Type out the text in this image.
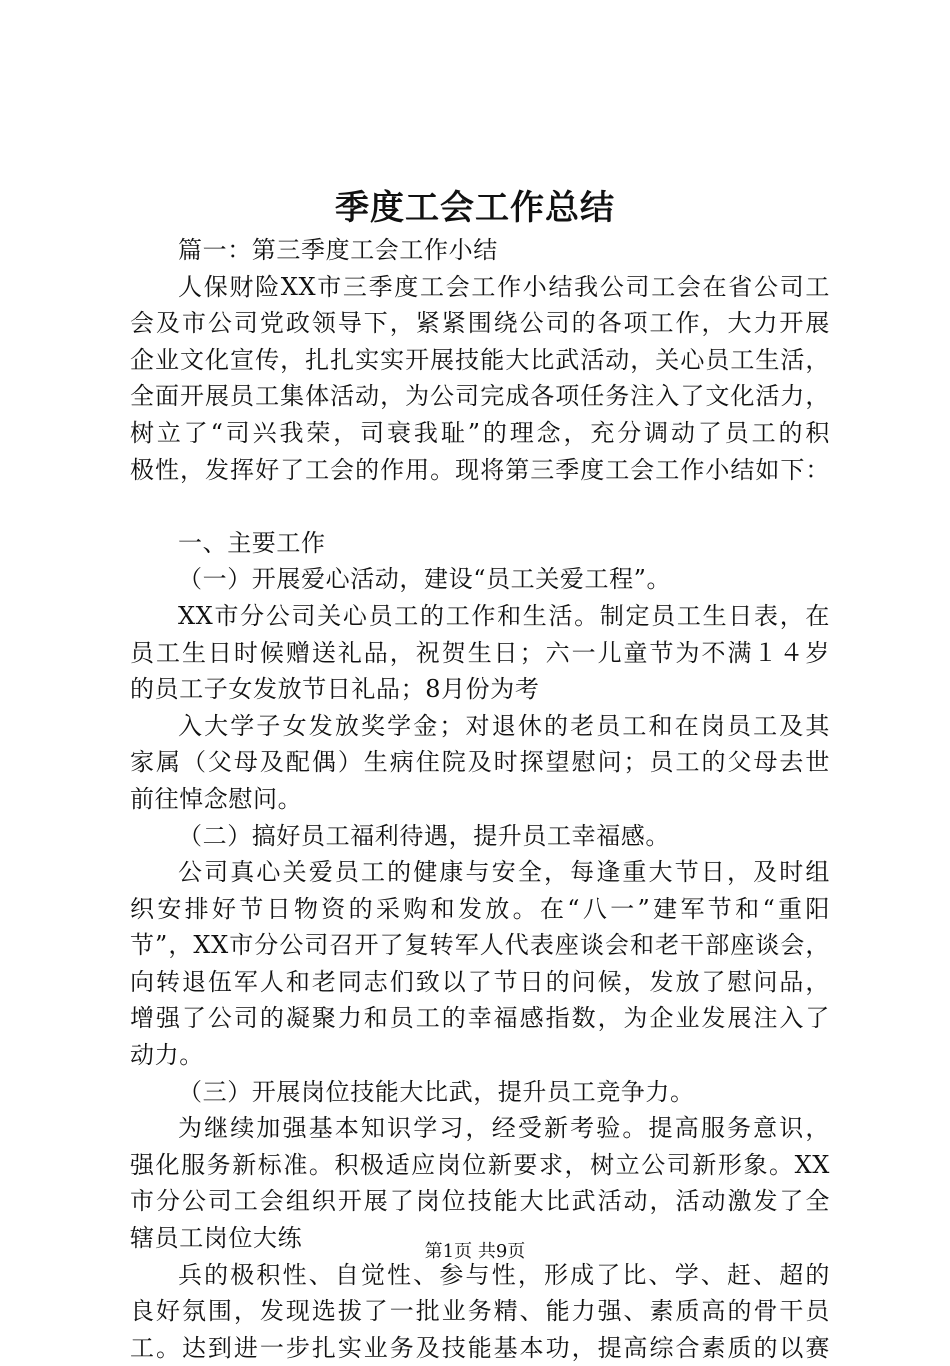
季度工会工作总结
篇一：第三季度工会工作小结
人保财险XX市三季度工会工作小结我公司工会在省公司工
会及市公司党政领导下，紧紧围绕公司的各项工作，大力开展
企业文化宣传，扎扎实实开展技能大比武活动，关心员工生活，
全面开展员工集体活动，为公司完成各项任务注入了文化活力，
树立了“司兴我荣，司衰我耻”的理念，充分调动了员工的积
极性，发挥好了工会的作用。现将第三季度工会工作小结如下：
一、主要工作
（一）开展爱心活动，建设“员工关爱工程”。
XX市分公司关心员工的工作和生活。制定员工生日表，在
员工生日时候赠送礼品，祝贺生日；六一儿童节为不满１４岁
的员工子女发放节日礼品；8月份为考
入大学子女发放奖学金；对退休的老员工和在岗员工及其
家属（父母及配偶）生病住院及时探望慰问；员工的父母去世
前往悼念慰问。
（二）搞好员工福利待遇，提升员工幸福感。
公司真心关爱员工的健康与安全，每逢重大节日，及时组
织安排好节日物资的采购和发放。在“八一”建军节和“重阳
节”，XX市分公司召开了复转军人代表座谈会和老干部座谈会，
向转退伍军人和老同志们致以了节日的问候，发放了慰问品，
增强了公司的凝聚力和员工的幸福感指数，为企业发展注入了
动力。
（三）开展岗位技能大比武，提升员工竞争力。
为继续加强基本知识学习，经受新考验。提高服务意识，
强化服务新标准。积极适应岗位新要求，树立公司新形象。XX
市分公司工会组织开展了岗位技能大比武活动，活动激发了全
辖员工岗位大练
兵的极积性、自觉性、参与性，形成了比、学、赶、超的
良好氛围，发现选拔了一批业务精、能力强、素质高的骨干员
工。达到进一步扎实业务及技能基本功，提高综合素质的以赛
第1页 共9页
